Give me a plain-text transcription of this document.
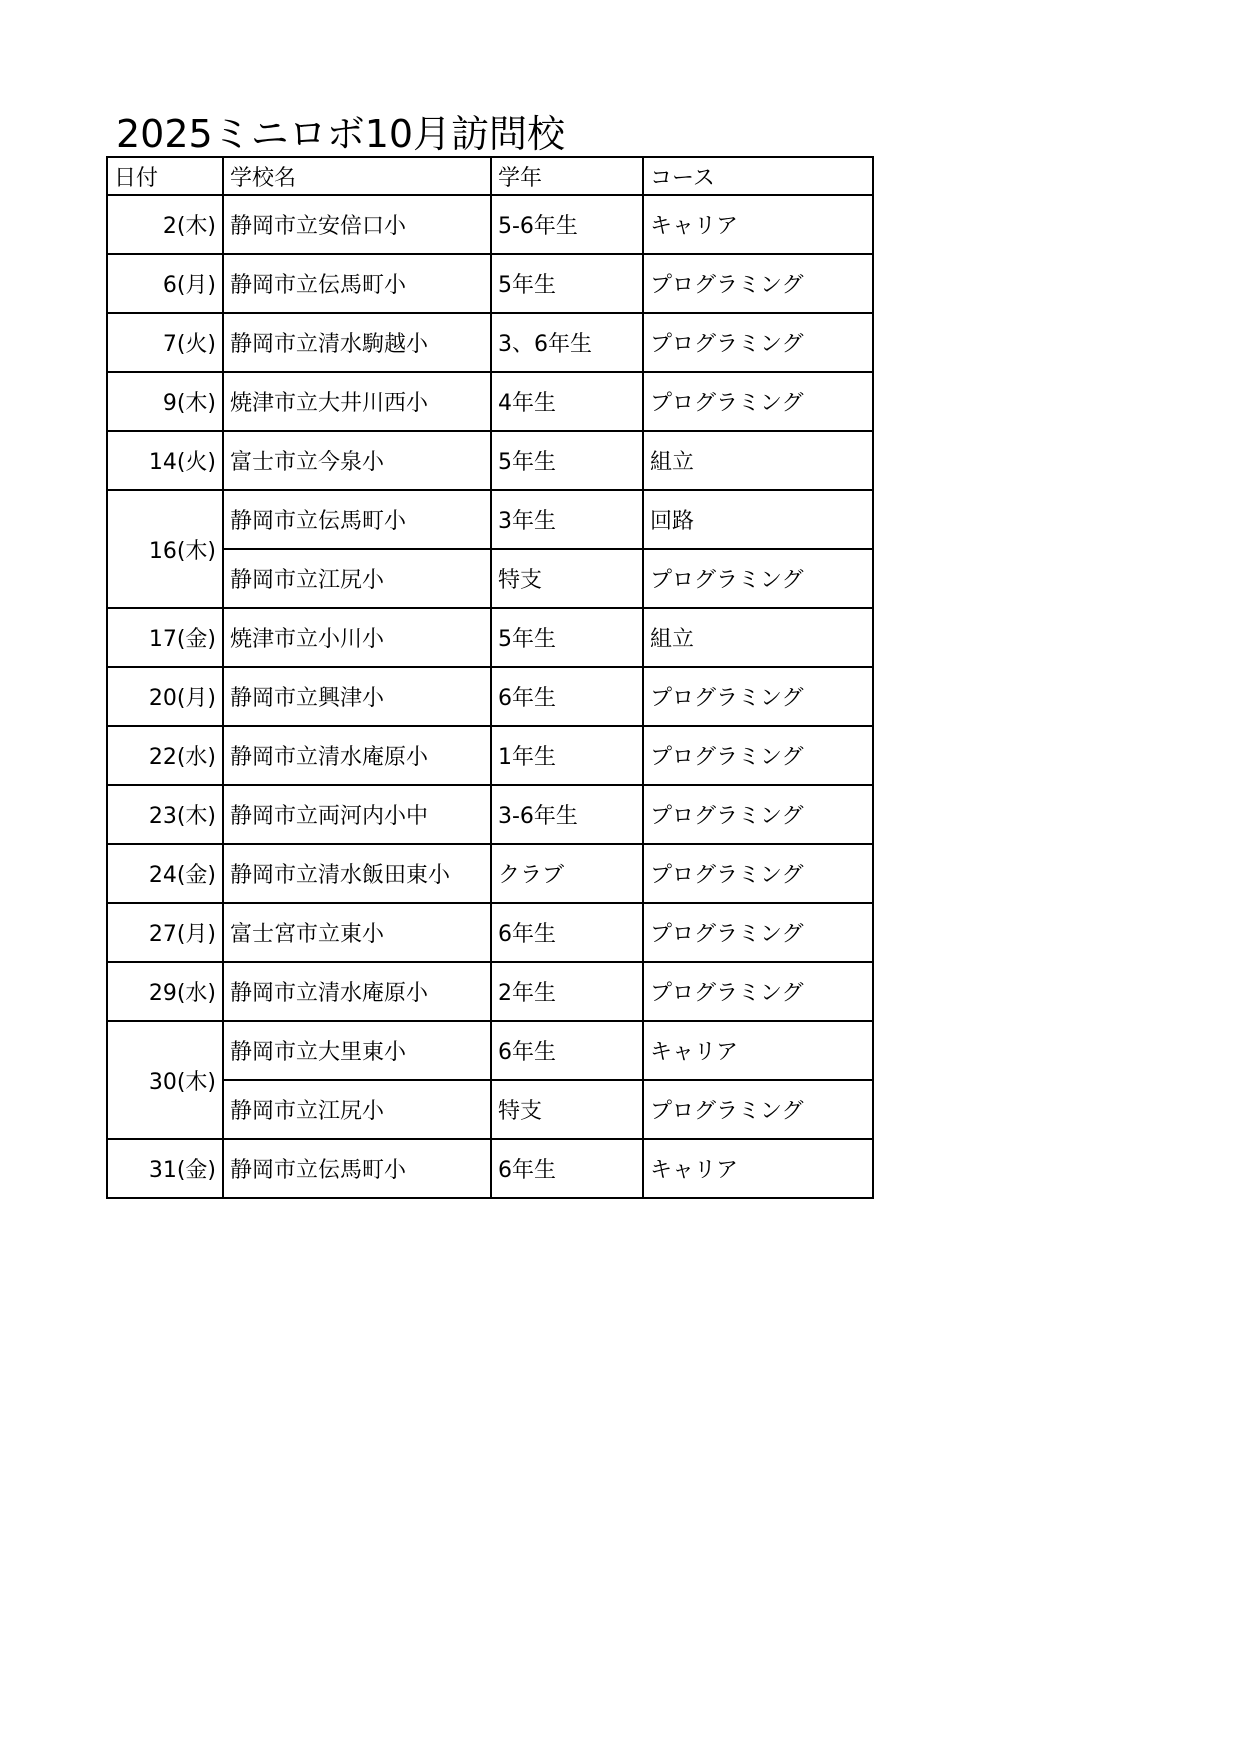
2025ミニロボ10月訪問校
日付	学校名	学年	コース
2(木)	静岡市立安倍口小	5-6年生	キャリア
6(月)	静岡市立伝馬町小	5年生	プログラミング
7(火)	静岡市立清水駒越小	3、6年生	プログラミング
9(木)	焼津市立大井川西小	4年生	プログラミング
14(火)	富士市立今泉小	5年生	組立
16(木)	静岡市立伝馬町小	3年生	回路
	静岡市立江尻小	特支	プログラミング
17(金)	焼津市立小川小	5年生	組立
20(月)	静岡市立興津小	6年生	プログラミング
22(水)	静岡市立清水庵原小	1年生	プログラミング
23(木)	静岡市立両河内小中	3-6年生	プログラミング
24(金)	静岡市立清水飯田東小	クラブ	プログラミング
27(月)	富士宮市立東小	6年生	プログラミング
29(水)	静岡市立清水庵原小	2年生	プログラミング
30(木)	静岡市立大里東小	6年生	キャリア
	静岡市立江尻小	特支	プログラミング
31(金)	静岡市立伝馬町小	6年生	キャリア
